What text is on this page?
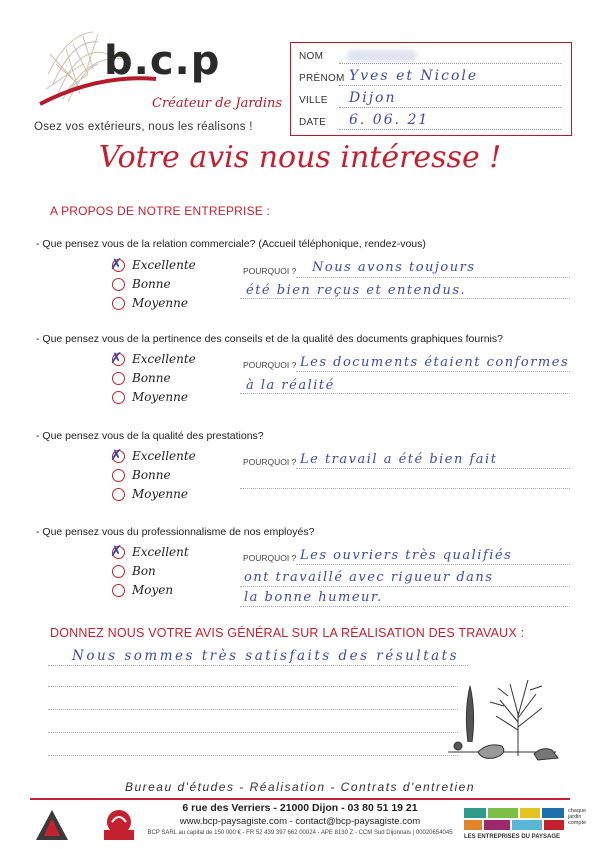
b.c.p
Créateur de Jardins
Osez vos extérieurs, nous les réalisons !
NOM
PRÉNOM Yves et Nicole
VILLE Dijon
DATE 6. 06. 21
Votre avis nous intéresse !
A PROPOS DE NOTRE ENTREPRISE :
- Que pensez vous de la relation commerciale? (Accueil téléphonique, rendez-vous)
✗ Excellente
Bonne
Moyenne
POURQUOI ? Nous avons toujours
été bien reçus et entendus.
- Que pensez vous de la pertinence des conseils et de la qualité des documents graphiques fournis?
✗ Excellente
Bonne
Moyenne
POURQUOI ? Les documents étaient conformes
à la réalité
- Que pensez vous de la qualité des prestations?
✗ Excellente
Bonne
Moyenne
POURQUOI ? Le travail a été bien fait
- Que pensez vous du professionnalisme de nos employés?
✗ Excellent
Bon
Moyen
POURQUOI ? Les ouvriers très qualifiés
ont travaillé avec rigueur dans
la bonne humeur.
DONNEZ NOUS VOTRE AVIS GÉNÉRAL SUR LA RÉALISATION DES TRAVAUX :
Nous sommes très satisfaits des résultats
Bureau d'études - Réalisation - Contrats d'entretien
6 rue des Verriers - 21000 Dijon - 03 80 51 19 21
www.bcp-paysagiste.com - contact@bcp-paysagiste.com
BCP SARL au capital de 150 000 € - FR 52 439 397 662 00024 - APE 8130 Z - CCM Sud Dijonnais | 00020654045
LES ENTREPRISES DU PAYSAGE
chaque jardin compte
